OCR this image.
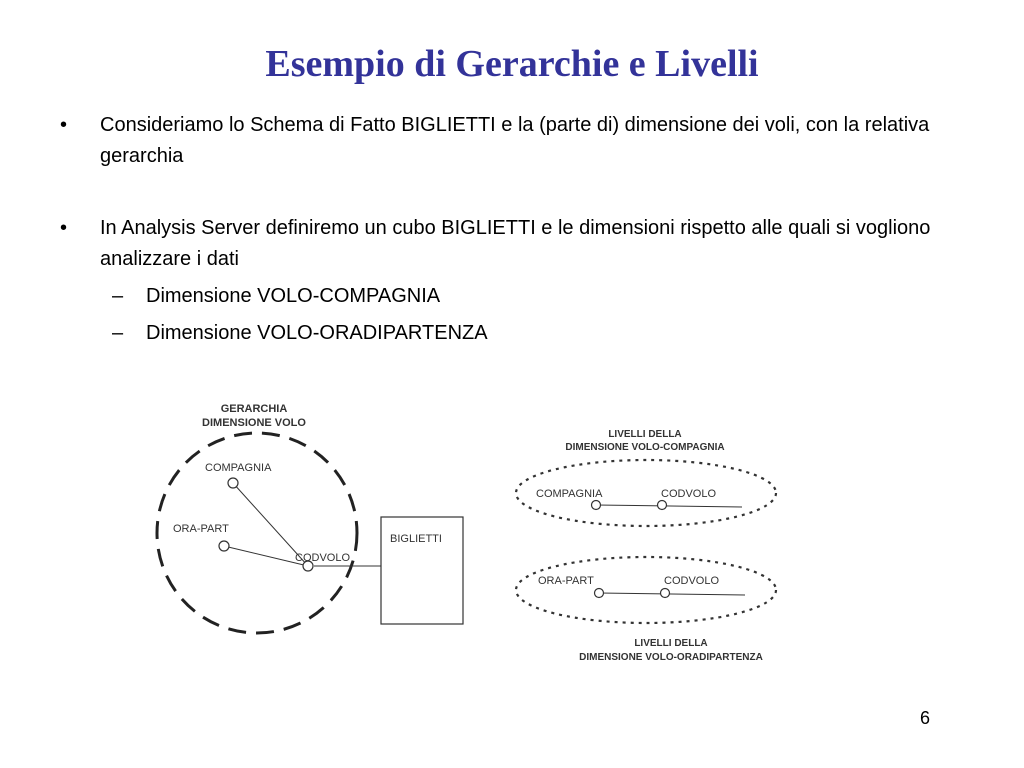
Esempio di Gerarchie e Livelli
• Consideriamo lo Schema di Fatto BIGLIETTI e la (parte di) dimensione dei voli, con la relativa gerarchia
• In Analysis Server definiremo un cubo BIGLIETTI e le dimensioni rispetto alle quali si vogliono analizzare i dati
– Dimensione VOLO-COMPAGNIA
– Dimensione VOLO-ORADIPARTENZA
GERARCHIA
DIMENSIONE VOLO
COMPAGNIA
ORA-PART
CODVOLO
BIGLIETTI
LIVELLI DELLA
DIMENSIONE VOLO-COMPAGNIA
COMPAGNIA	CODVOLO
ORA-PART	CODVOLO
LIVELLI DELLA
DIMENSIONE VOLO-ORADIPARTENZA
6
